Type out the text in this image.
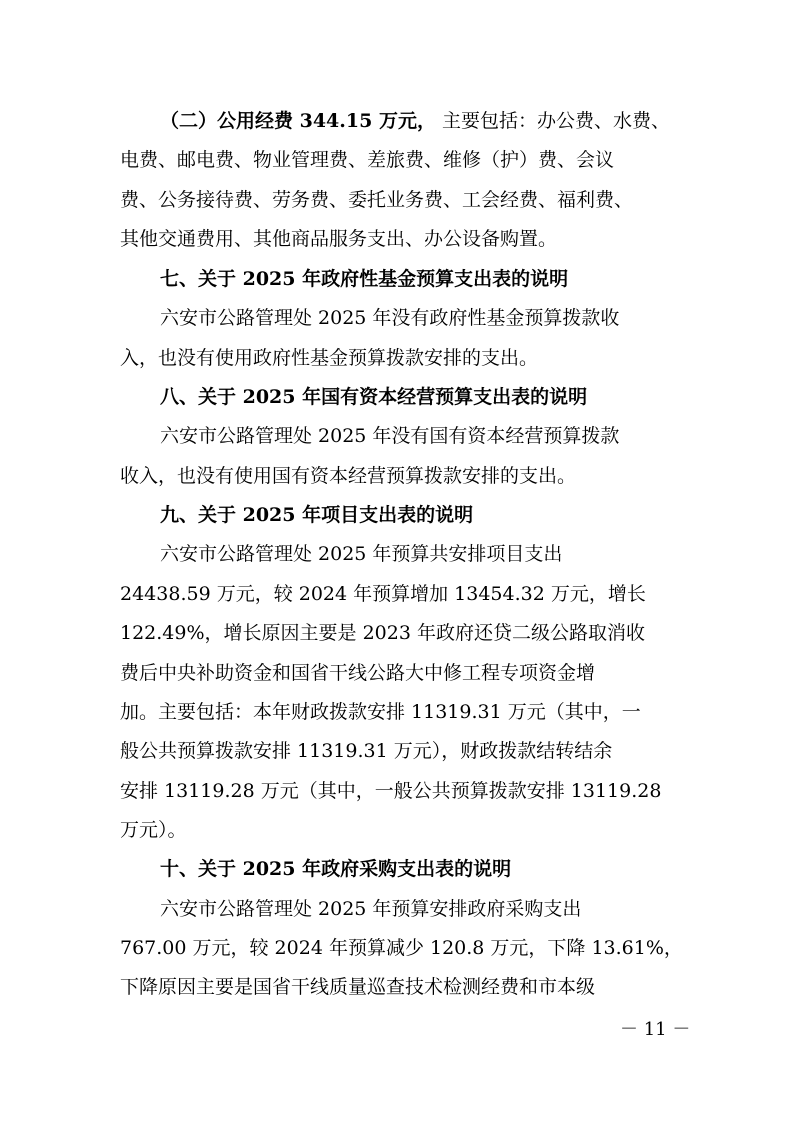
（二）公用经费 344.15 万元， 主要包括：办公费、水费、
电费、邮电费、物业管理费、差旅费、维修（护）费、会议
费、公务接待费、劳务费、委托业务费、工会经费、福利费、
其他交通费用、其他商品服务支出、办公设备购置。
七、关于 2025 年政府性基金预算支出表的说明
六安市公路管理处 2025 年没有政府性基金预算拨款收
入，也没有使用政府性基金预算拨款安排的支出。
八、关于 2025 年国有资本经营预算支出表的说明
六安市公路管理处 2025 年没有国有资本经营预算拨款
收入，也没有使用国有资本经营预算拨款安排的支出。
九、关于 2025 年项目支出表的说明
六安市公路管理处 2025 年预算共安排项目支出
24438.59 万元，较 2024 年预算增加 13454.32 万元，增长
122.49%，增长原因主要是 2023 年政府还贷二级公路取消收
费后中央补助资金和国省干线公路大中修工程专项资金增
加。主要包括：本年财政拨款安排 11319.31 万元（其中，一
般公共预算拨款安排 11319.31 万元），财政拨款结转结余
安排 13119.28 万元（其中，一般公共预算拨款安排 13119.28
万元）。
十、关于 2025 年政府采购支出表的说明
六安市公路管理处 2025 年预算安排政府采购支出
767.00 万元，较 2024 年预算减少 120.8 万元，下降 13.61%，
下降原因主要是国省干线质量巡查技术检测经费和市本级
－ 11 －
